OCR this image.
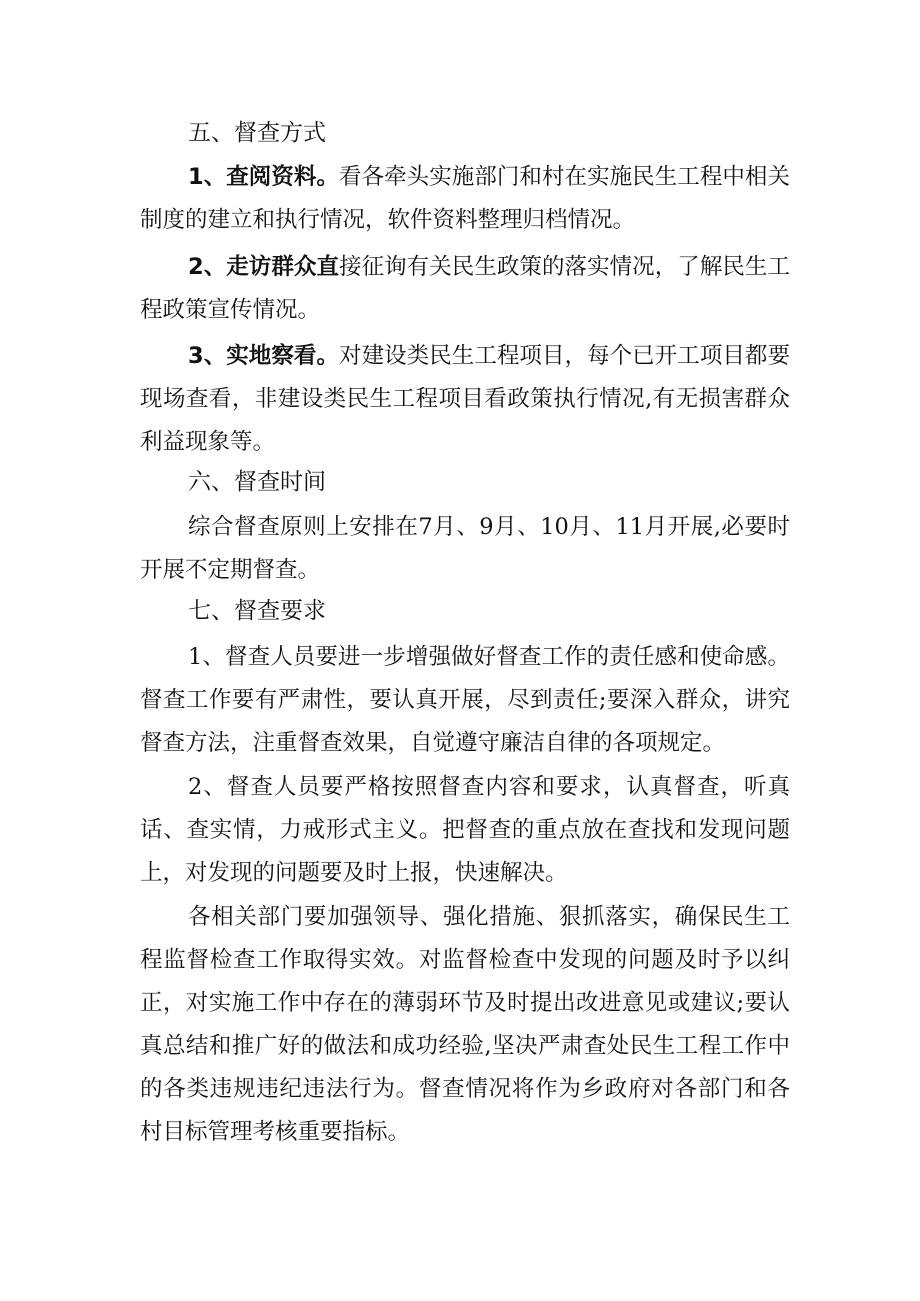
五、督查方式
1、查阅资料。看各牵头实施部门和村在实施民生工程中相关制度的建立和执行情况，软件资料整理归档情况。
2、走访群众直接征询有关民生政策的落实情况，了解民生工程政策宣传情况。
3、实地察看。对建设类民生工程项目，每个已开工项目都要现场查看，非建设类民生工程项目看政策执行情况,有无损害群众利益现象等。
六、督查时间
综合督查原则上安排在7月、9月、10月、11月开展,必要时开展不定期督查。
七、督查要求
1、督查人员要进一步增强做好督查工作的责任感和使命感。督查工作要有严肃性，要认真开展，尽到责任;要深入群众，讲究督查方法，注重督查效果，自觉遵守廉洁自律的各项规定。
2、督查人员要严格按照督查内容和要求，认真督查，听真话、查实情，力戒形式主义。把督查的重点放在查找和发现问题上，对发现的问题要及时上报，快速解决。
各相关部门要加强领导、强化措施、狠抓落实，确保民生工程监督检查工作取得实效。对监督检查中发现的问题及时予以纠正，对实施工作中存在的薄弱环节及时提出改进意见或建议;要认真总结和推广好的做法和成功经验,坚决严肃查处民生工程工作中的各类违规违纪违法行为。督查情况将作为乡政府对各部门和各村目标管理考核重要指标。
